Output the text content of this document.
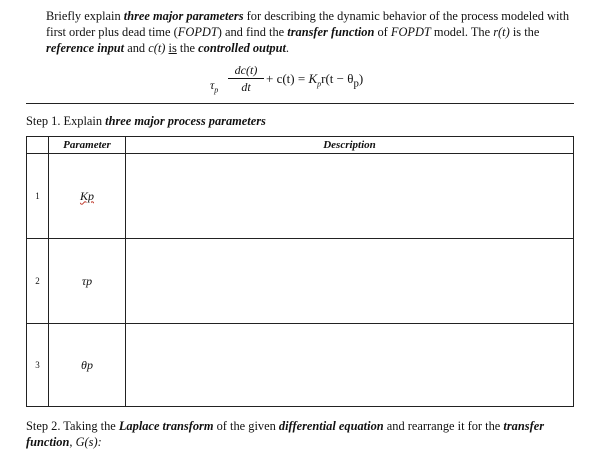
Briefly explain three major parameters for describing the dynamic behavior of the process modeled with first order plus dead time (FOPDT) and find the transfer function of FOPDT model. The r(t) is the reference input and c(t) is the controlled output.
$\tau_p$
dc(t)
dt
+ $c(t) = K_pr(t - \theta_p)$
Step 1. Explain three major process parameters
	Parameter	Description
1	Kp	
2	τp	
3	θp	
Step 2. Taking the Laplace transform of the given differential equation and rearrange it for the transfer function, G(s):
